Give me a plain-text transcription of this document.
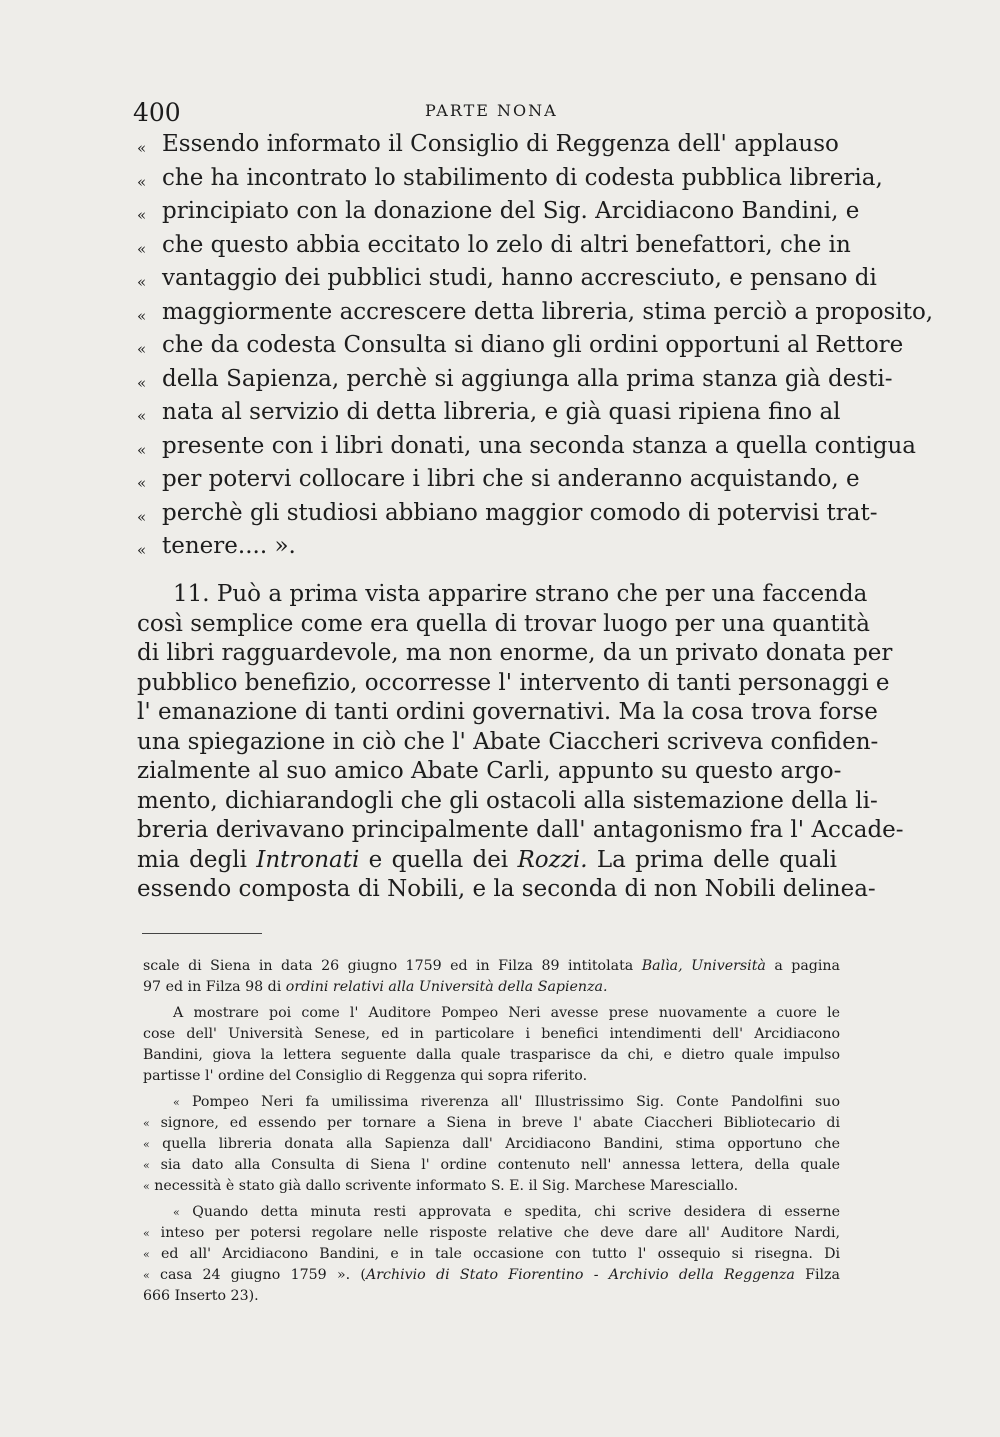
400	PARTE NONA
« Essendo informato il Consiglio di Reggenza dell' applauso
« che ha incontrato lo stabilimento di codesta pubblica libreria,
« principiato con la donazione del Sig. Arcidiacono Bandini, e
« che questo abbia eccitato lo zelo di altri benefattori, che in
« vantaggio dei pubblici studi, hanno accresciuto, e pensano di
« maggiormente accrescere detta libreria, stima perciò a proposito,
« che da codesta Consulta si diano gli ordini opportuni al Rettore
« della Sapienza, perchè si aggiunga alla prima stanza già desti-
« nata al servizio di detta libreria, e già quasi ripiena fino al
« presente con i libri donati, una seconda stanza a quella contigua
« per potervi collocare i libri che si anderanno acquistando, e
« perchè gli studiosi abbiano maggior comodo di potervisi trat-
« tenere.... ».
11. Può a prima vista apparire strano che per una faccenda
così semplice come era quella di trovar luogo per una quantità
di libri ragguardevole, ma non enorme, da un privato donata per
pubblico benefizio, occorresse l' intervento di tanti personaggi e
l' emanazione di tanti ordini governativi. Ma la cosa trova forse
una spiegazione in ciò che l' Abate Ciaccheri scriveva confiden-
zialmente al suo amico Abate Carli, appunto su questo argo-
mento, dichiarandogli che gli ostacoli alla sistemazione della li-
breria derivavano principalmente dall' antagonismo fra l' Accade-
mia degli Intronati e quella dei Rozzi. La prima delle quali
essendo composta di Nobili, e la seconda di non Nobili delinea-
scale di Siena in data 26 giugno 1759 ed in Filza 89 intitolata Balìa, Università a pagina
97 ed in Filza 98 di ordini relativi alla Università della Sapienza.
A mostrare poi come l' Auditore Pompeo Neri avesse prese nuovamente a cuore le
cose dell' Università Senese, ed in particolare i benefici intendimenti dell' Arcidiacono
Bandini, giova la lettera seguente dalla quale trasparisce da chi, e dietro quale impulso
partisse l' ordine del Consiglio di Reggenza qui sopra riferito.
« Pompeo Neri fa umilissima riverenza all' Illustrissimo Sig. Conte Pandolfini suo
« signore, ed essendo per tornare a Siena in breve l' abate Ciaccheri Bibliotecario di
« quella libreria donata alla Sapienza dall' Arcidiacono Bandini, stima opportuno che
« sia dato alla Consulta di Siena l' ordine contenuto nell' annessa lettera, della quale
« necessità è stato già dallo scrivente informato S. E. il Sig. Marchese Maresciallo.
« Quando detta minuta resti approvata e spedita, chi scrive desidera di esserne
« inteso per potersi regolare nelle risposte relative che deve dare all' Auditore Nardi,
« ed all' Arcidiacono Bandini, e in tale occasione con tutto l' ossequio si risegna. Di
« casa 24 giugno 1759 ». (Archivio di Stato Fiorentino - Archivio della Reggenza Filza
666 Inserto 23).
